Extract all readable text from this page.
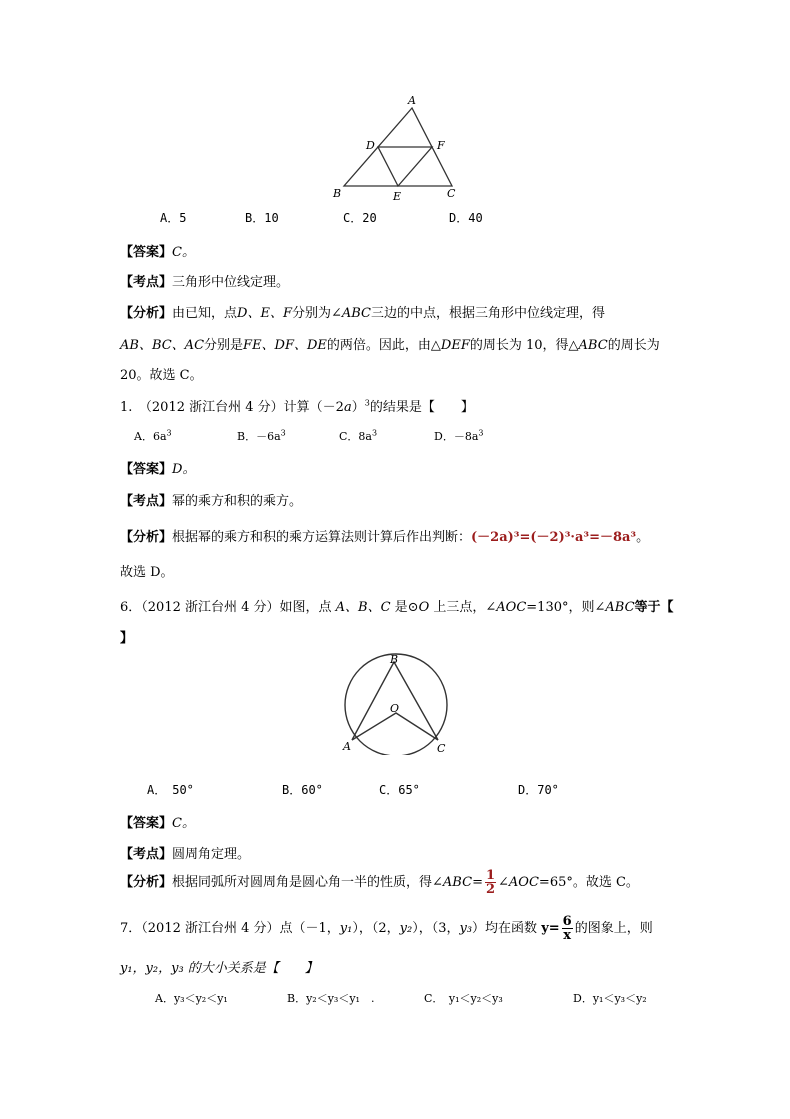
A
D	F
B	E	C
A．5	B．10	C．20	D．40
【答案】C。
【考点】三角形中位线定理。
【分析】由已知，点D、E、F分别为∠ABC三边的中点，根据三角形中位线定理，得
AB、BC、AC分别是FE、DF、DE的两倍。因此，由△DEF的周长为 10，得△ABC的周长为
20。故选 C。
1.　（2012 浙江台州 4 分）计算$(-2a)^3$的结果是【　　】
A．$6a^3$	B．$-6a^3$	C．$8a^3$	D．$-8a^3$
【答案】D。
【考点】幂的乘方和积的乘方。
【分析】根据幂的乘方和积的乘方运算法则计算后作出判断：(－2a)³=(－2)³·a³=－8a³。
故选 D。
6．（2012 浙江台州 4 分）如图，点 A、B、C 是⊙O 上三点，∠AOC=130°，则∠ABC等于【
】
B
O
A	C
A．　50°	B．60°	C．65°	D．70°
【答案】C。
【考点】圆周角定理。
【分析】根据同弧所对圆周角是圆心角一半的性质，得∠ABC= $\frac{1}{2}$ ∠AOC=65°。故选 C。
7．（2012 浙江台州 4 分）点（－1，y₁），（2，y₂），（3，y₃）均在函数 $y= \frac{6}{x}$ 的图象上，则
y₁，y₂，y₃ 的大小关系是【　　】
A．y₃＜y₂＜y₁	B．y₂＜y₃＜y₁　.	C．　y₁＜y₂＜y₃	D．y₁＜y₃＜y₂
